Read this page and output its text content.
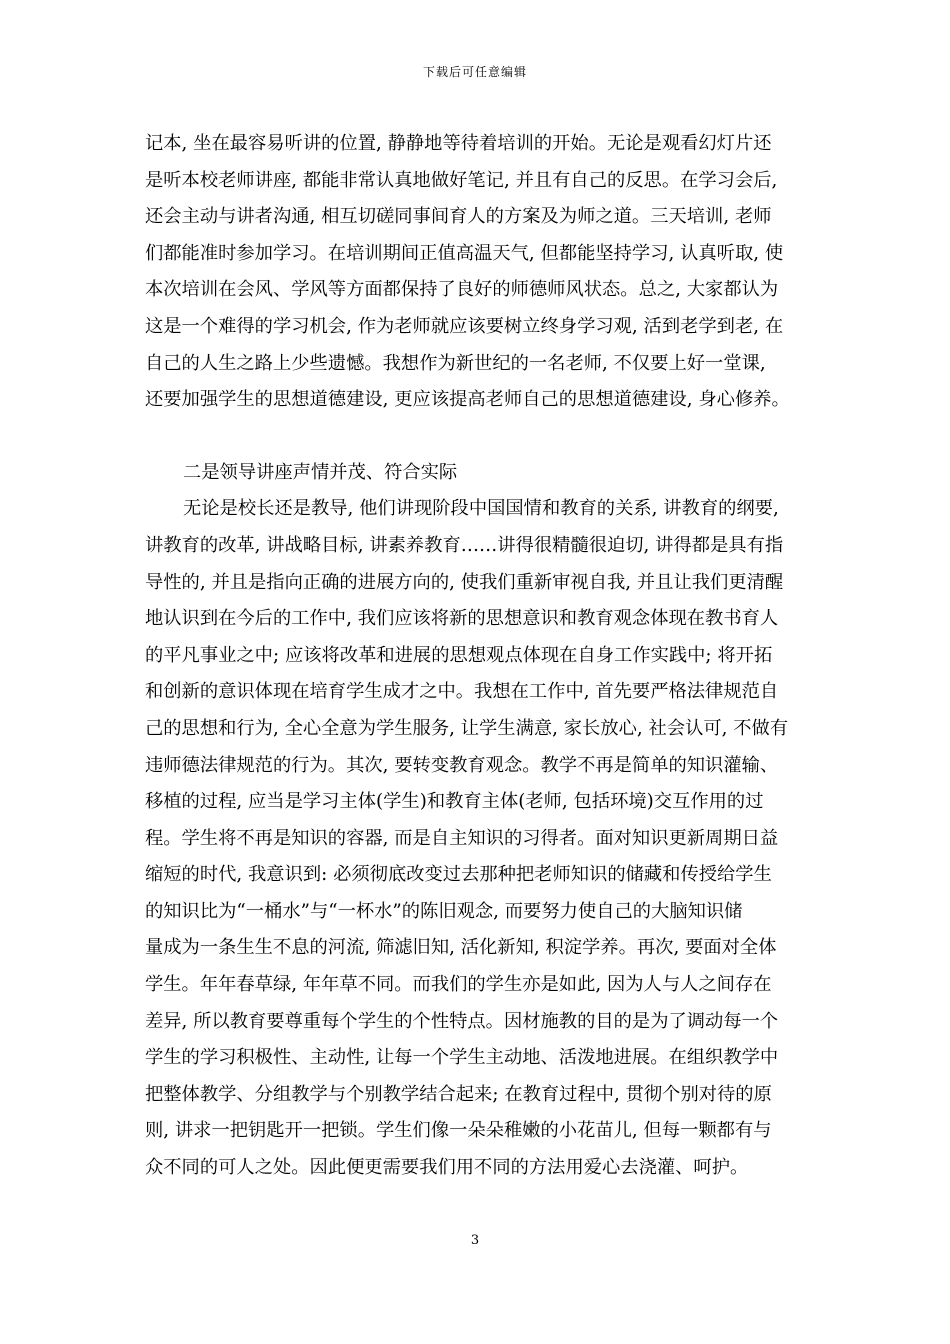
下载后可任意编辑
记本, 坐在最容易听讲的位置, 静静地等待着培训的开始。无论是观看幻灯片还
是听本校老师讲座, 都能非常认真地做好笔记, 并且有自己的反思。在学习会后,
还会主动与讲者沟通, 相互切磋同事间育人的方案及为师之道。三天培训, 老师
们都能准时参加学习。在培训期间正值高温天气, 但都能坚持学习, 认真听取, 使
本次培训在会风、学风等方面都保持了良好的师德师风状态。总之, 大家都认为
这是一个难得的学习机会, 作为老师就应该要树立终身学习观, 活到老学到老, 在
自己的人生之路上少些遗憾。我想作为新世纪的一名老师, 不仅要上好一堂课,
还要加强学生的思想道德建设, 更应该提高老师自己的思想道德建设, 身心修养。
二是领导讲座声情并茂、符合实际
无论是校长还是教导, 他们讲现阶段中国国情和教育的关系, 讲教育的纲要,
讲教育的改革, 讲战略目标, 讲素养教育……讲得很精髓很迫切, 讲得都是具有指
导性的, 并且是指向正确的进展方向的, 使我们重新审视自我, 并且让我们更清醒
地认识到在今后的工作中, 我们应该将新的思想意识和教育观念体现在教书育人
的平凡事业之中; 应该将改革和进展的思想观点体现在自身工作实践中; 将开拓
和创新的意识体现在培育学生成才之中。我想在工作中, 首先要严格法律规范自
己的思想和行为, 全心全意为学生服务, 让学生满意, 家长放心, 社会认可, 不做有
违师德法律规范的行为。其次, 要转变教育观念。教学不再是简单的知识灌输、
移植的过程, 应当是学习主体(学生)和教育主体(老师, 包括环境)交互作用的过
程。学生将不再是知识的容器, 而是自主知识的习得者。面对知识更新周期日益
缩短的时代, 我意识到: 必须彻底改变过去那种把老师知识的储藏和传授给学生
的知识比为“一桶水”与“一杯水”的陈旧观念, 而要努力使自己的大脑知识储
量成为一条生生不息的河流, 筛滤旧知, 活化新知, 积淀学养。再次, 要面对全体
学生。年年春草绿, 年年草不同。而我们的学生亦是如此, 因为人与人之间存在
差异, 所以教育要尊重每个学生的个性特点。因材施教的目的是为了调动每一个
学生的学习积极性、主动性, 让每一个学生主动地、活泼地进展。在组织教学中
把整体教学、分组教学与个别教学结合起来; 在教育过程中, 贯彻个别对待的原
则, 讲求一把钥匙开一把锁。学生们像一朵朵稚嫩的小花苗儿, 但每一颗都有与
众不同的可人之处。因此便更需要我们用不同的方法用爱心去浇灌、呵护。
3
